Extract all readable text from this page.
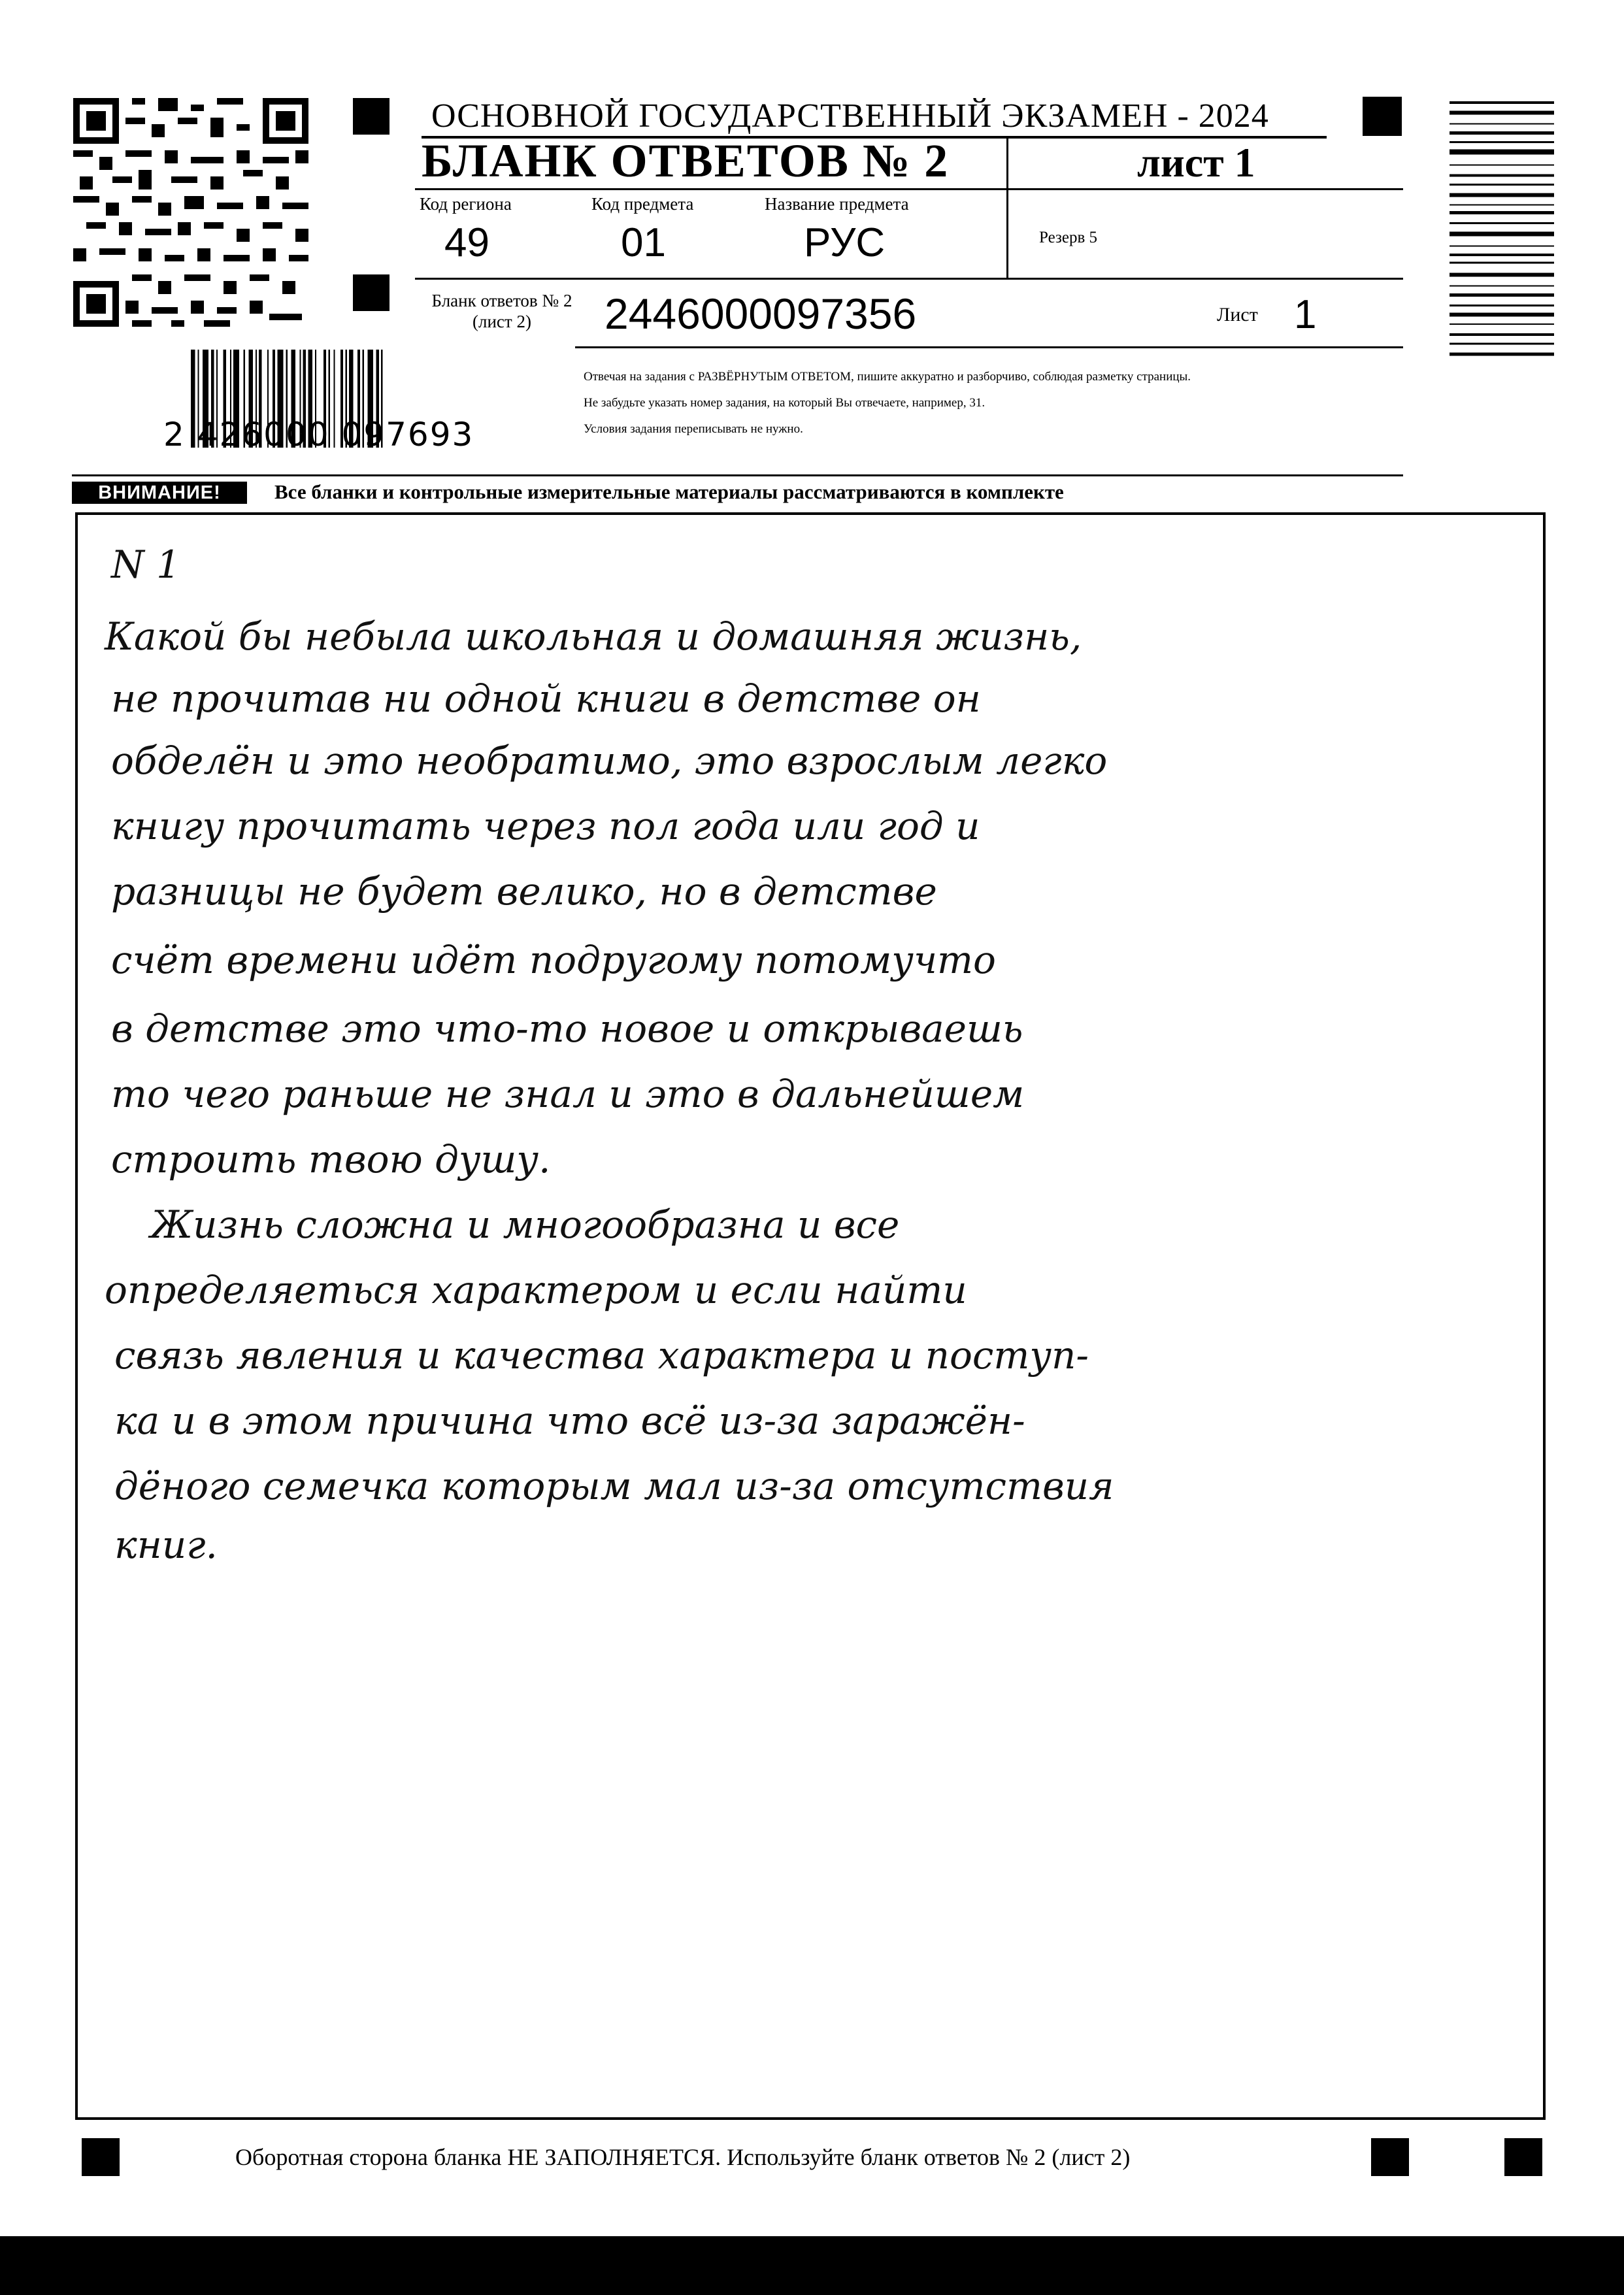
2 426000 097693
ОСНОВНОЙ ГОСУДАРСТВЕННЫЙ ЭКЗАМЕН - 2024
БЛАНК ОТВЕТОВ № 2	лист 1
Код региона	Код предмета	Название предмета
49	01	РУС	Резерв 5
Бланк ответов № 2
(лист 2)	2446000097356	Лист 1
Отвечая на задания с РАЗВЁРНУТЫМ ОТВЕТОМ, пишите аккуратно и разборчиво, соблюдая разметку страницы.
Не забудьте указать номер задания, на который Вы отвечаете, например, 31.
Условия задания переписывать не нужно.
ВНИМАНИЕ!	Все бланки и контрольные измерительные материалы рассматриваются в комплекте
N 1
Какой бы небыла школьная и домашняя жизнь,
не прочитав ни одной книги в детстве он
обделён и это необратимо, это взрослым легко
книгу прочитать через пол года или год и
разницы не будет велико, но в детстве
счёт времени идёт подругому потомучто
в детстве это что-то новое и открываешь
то чего раньше не знал и это в дальнейшем
строить твою душу.
Жизнь сложна и многообразна и все
определяеться характером и если найти
связь явления и качества характера и поступ-
ка и в этом причина что всё из-за заражён-
дёного семечка которым мал из-за отсутствия
книг.
Оборотная сторона бланка НЕ ЗАПОЛНЯЕТСЯ. Используйте бланк ответов № 2 (лист 2)
